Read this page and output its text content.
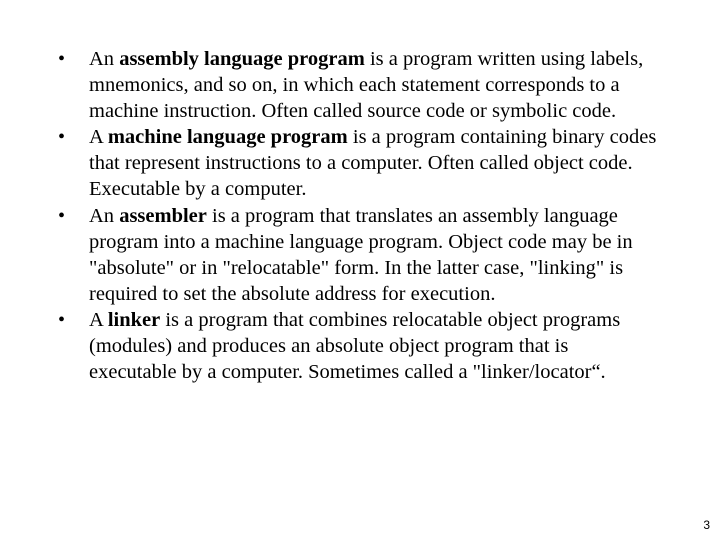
• An assembly language program is a program written using labels, mnemonics, and so on, in which each statement corresponds to a machine instruction. Often called source code or symbolic code.
• A machine language program is a program containing binary codes that represent instructions to a computer. Often called object code. Executable by a computer.
• An assembler is a program that translates an assembly language program into a machine language program. Object code may be in "absolute" or in "relocatable" form. In the latter case, "linking" is required to set the absolute address for execution.
• A linker is a program that combines relocatable object programs (modules) and produces an absolute object program that is executable by a computer. Sometimes called a "linker/locator“.
3
